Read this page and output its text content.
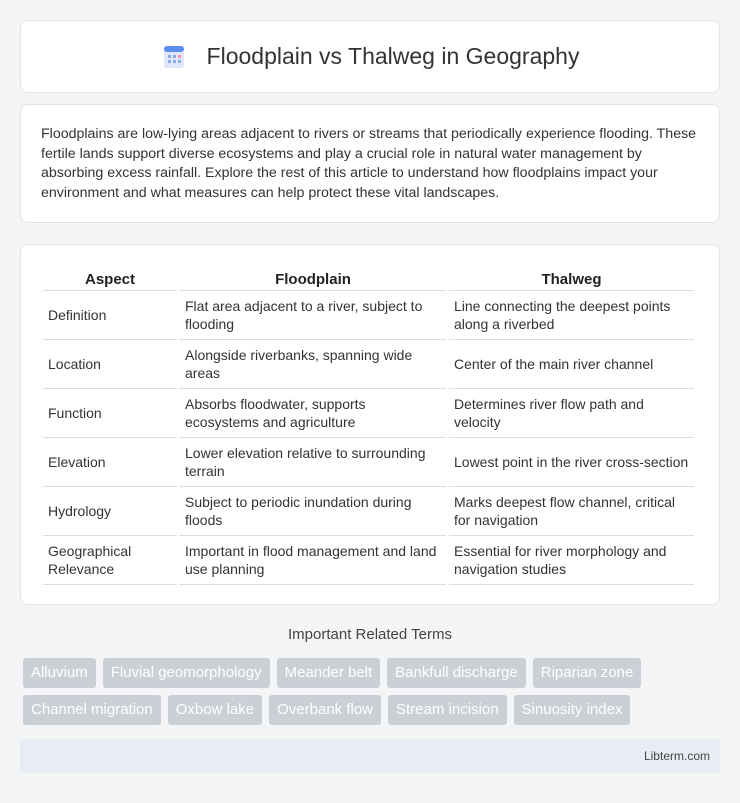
Floodplain vs Thalweg in Geography

Floodplains are low-lying areas adjacent to rivers or streams that periodically experience flooding. These fertile lands support diverse ecosystems and play a crucial role in natural water management by absorbing excess rainfall. Explore the rest of this article to understand how floodplains impact your environment and what measures can help protect these vital landscapes.

Aspect	Floodplain	Thalweg
Definition	Flat area adjacent to a river, subject to flooding	Line connecting the deepest points along a riverbed
Location	Alongside riverbanks, spanning wide areas	Center of the main river channel
Function	Absorbs floodwater, supports ecosystems and agriculture	Determines river flow path and velocity
Elevation	Lower elevation relative to surrounding terrain	Lowest point in the river cross-section
Hydrology	Subject to periodic inundation during floods	Marks deepest flow channel, critical for navigation
Geographical Relevance	Important in flood management and land use planning	Essential for river morphology and navigation studies
Important Related Terms
Alluvium	Fluvial geomorphology	Meander belt	Bankfull discharge	Riparian zone
Channel migration	Oxbow lake	Overbank flow	Stream incision	Sinuosity index
Libterm.com
